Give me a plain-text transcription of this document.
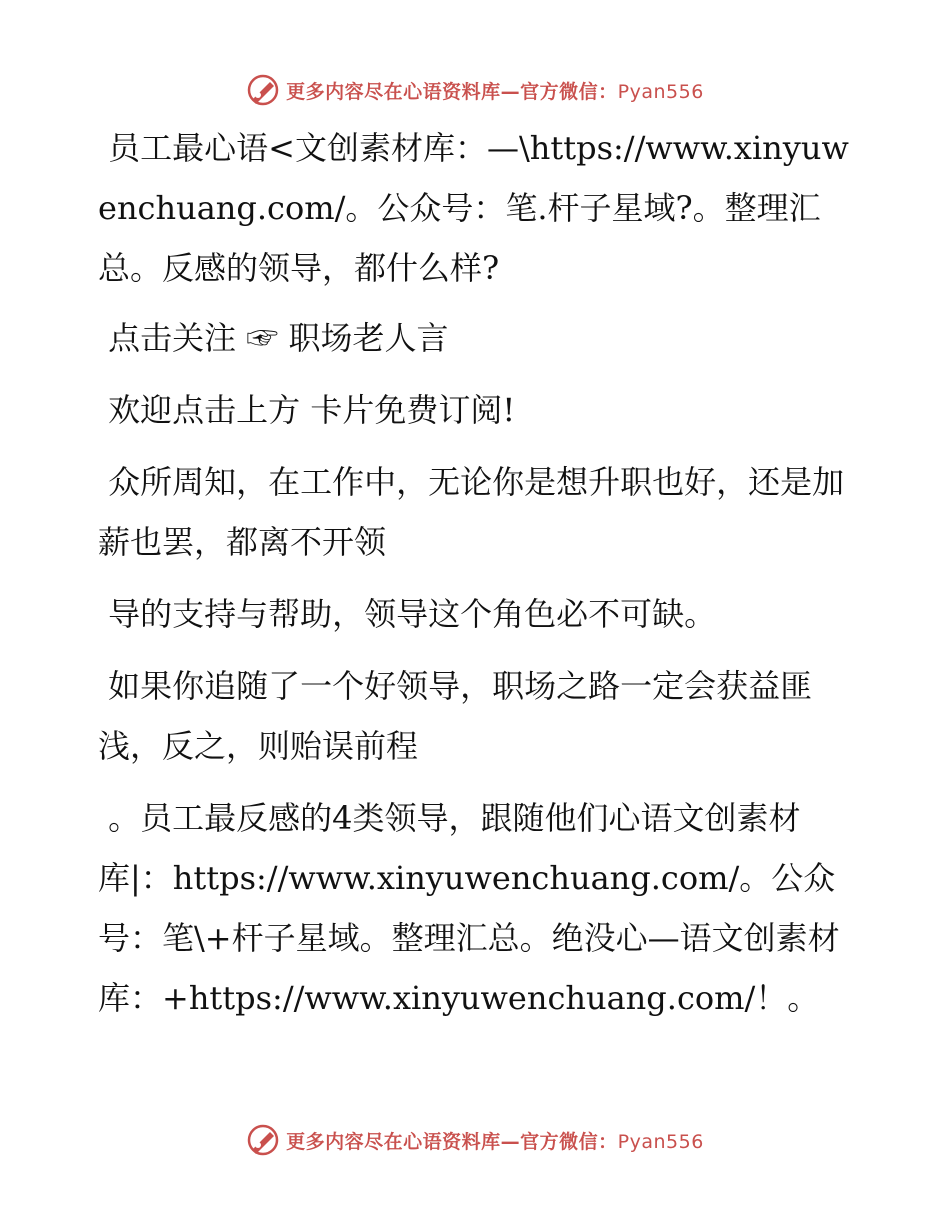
更多内容尽在心语资料库—官方微信：Pyan556

员工最心语<文创素材库：—\https://www.xinyuwenchuang.com/。公众号：笔.杆子星域?。整理汇总。反感的领导，都什么样?

点击关注 ☞ 职场老人言

欢迎点击上方 卡片免费订阅!

众所周知，在工作中，无论你是想升职也好，还是加薪也罢，都离不开领

导的支持与帮助，领导这个角色必不可缺。

如果你追随了一个好领导，职场之路一定会获益匪浅，反之，则贻误前程

。员工最反感的4类领导，跟随他们心语文创素材库|：https://www.xinyuwenchuang.com/。公众号：笔\+杆子星域。整理汇总。绝没心—语文创素材库：+https://www.xinyuwenchuang.com/！。

更多内容尽在心语资料库—官方微信：Pyan556
